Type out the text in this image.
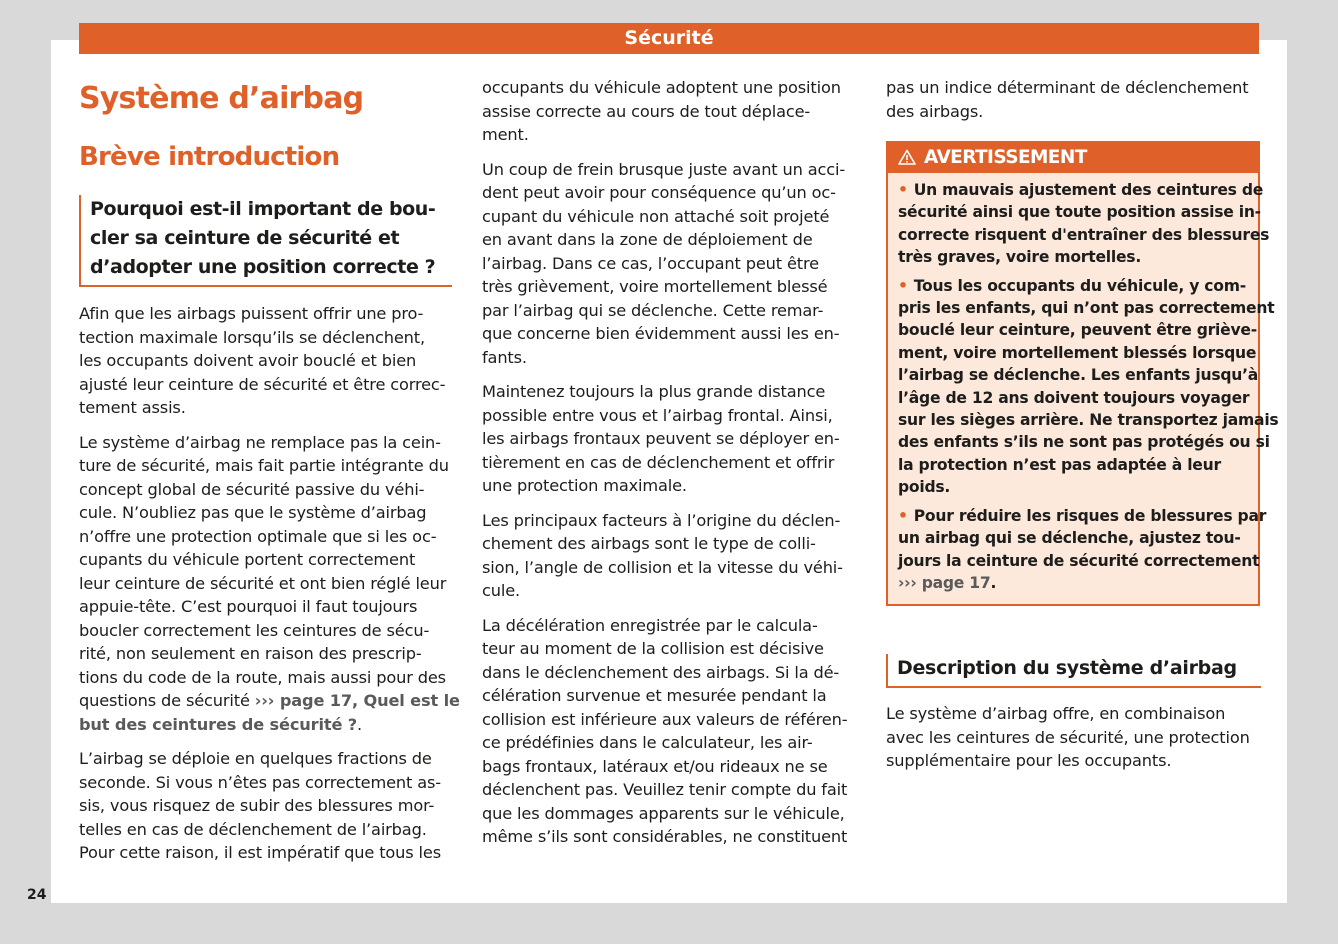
Sécurité
24
Système d’airbag
Brève introduction
Pourquoi est-il important de bou-
cler sa ceinture de sécurité et
d’adopter une position correcte ?
Afin que les airbags puissent offrir une pro-
tection maximale lorsqu’ils se déclenchent,
les occupants doivent avoir bouclé et bien
ajusté leur ceinture de sécurité et être correc-
tement assis.
Le système d’airbag ne remplace pas la cein-
ture de sécurité, mais fait partie intégrante du
concept global de sécurité passive du véhi-
cule. N’oubliez pas que le système d’airbag
n’offre une protection optimale que si les oc-
cupants du véhicule portent correctement
leur ceinture de sécurité et ont bien réglé leur
appuie-tête. C’est pourquoi il faut toujours
boucler correctement les ceintures de sécu-
rité, non seulement en raison des prescrip-
tions du code de la route, mais aussi pour des
questions de sécurité ››› page 17, Quel est le
but des ceintures de sécurité ?.
L’airbag se déploie en quelques fractions de
seconde. Si vous n’êtes pas correctement as-
sis, vous risquez de subir des blessures mor-
telles en cas de déclenchement de l’airbag.
Pour cette raison, il est impératif que tous les
occupants du véhicule adoptent une position
assise correcte au cours de tout déplace-
ment.
Un coup de frein brusque juste avant un acci-
dent peut avoir pour conséquence qu’un oc-
cupant du véhicule non attaché soit projeté
en avant dans la zone de déploiement de
l’airbag. Dans ce cas, l’occupant peut être
très grièvement, voire mortellement blessé
par l’airbag qui se déclenche. Cette remar-
que concerne bien évidemment aussi les en-
fants.
Maintenez toujours la plus grande distance
possible entre vous et l’airbag frontal. Ainsi,
les airbags frontaux peuvent se déployer en-
tièrement en cas de déclenchement et offrir
une protection maximale.
Les principaux facteurs à l’origine du déclen-
chement des airbags sont le type de colli-
sion, l’angle de collision et la vitesse du véhi-
cule.
La décélération enregistrée par le calcula-
teur au moment de la collision est décisive
dans le déclenchement des airbags. Si la dé-
célération survenue et mesurée pendant la
collision est inférieure aux valeurs de référen-
ce prédéfinies dans le calculateur, les air-
bags frontaux, latéraux et/ou rideaux ne se
déclenchent pas. Veuillez tenir compte du fait
que les dommages apparents sur le véhicule,
même s’ils sont considérables, ne constituent
pas un indice déterminant de déclenchement
des airbags.
AVERTISSEMENT
• Un mauvais ajustement des ceintures de
sécurité ainsi que toute position assise in-
correcte risquent d'entraîner des blessures
très graves, voire mortelles.
• Tous les occupants du véhicule, y com-
pris les enfants, qui n’ont pas correctement
bouclé leur ceinture, peuvent être griève-
ment, voire mortellement blessés lorsque
l’airbag se déclenche. Les enfants jusqu’à
l’âge de 12 ans doivent toujours voyager
sur les sièges arrière. Ne transportez jamais
des enfants s’ils ne sont pas protégés ou si
la protection n’est pas adaptée à leur
poids.
• Pour réduire les risques de blessures par
un airbag qui se déclenche, ajustez tou-
jours la ceinture de sécurité correctement
››› page 17.
Description du système d’airbag
Le système d’airbag offre, en combinaison
avec les ceintures de sécurité, une protection
supplémentaire pour les occupants.
